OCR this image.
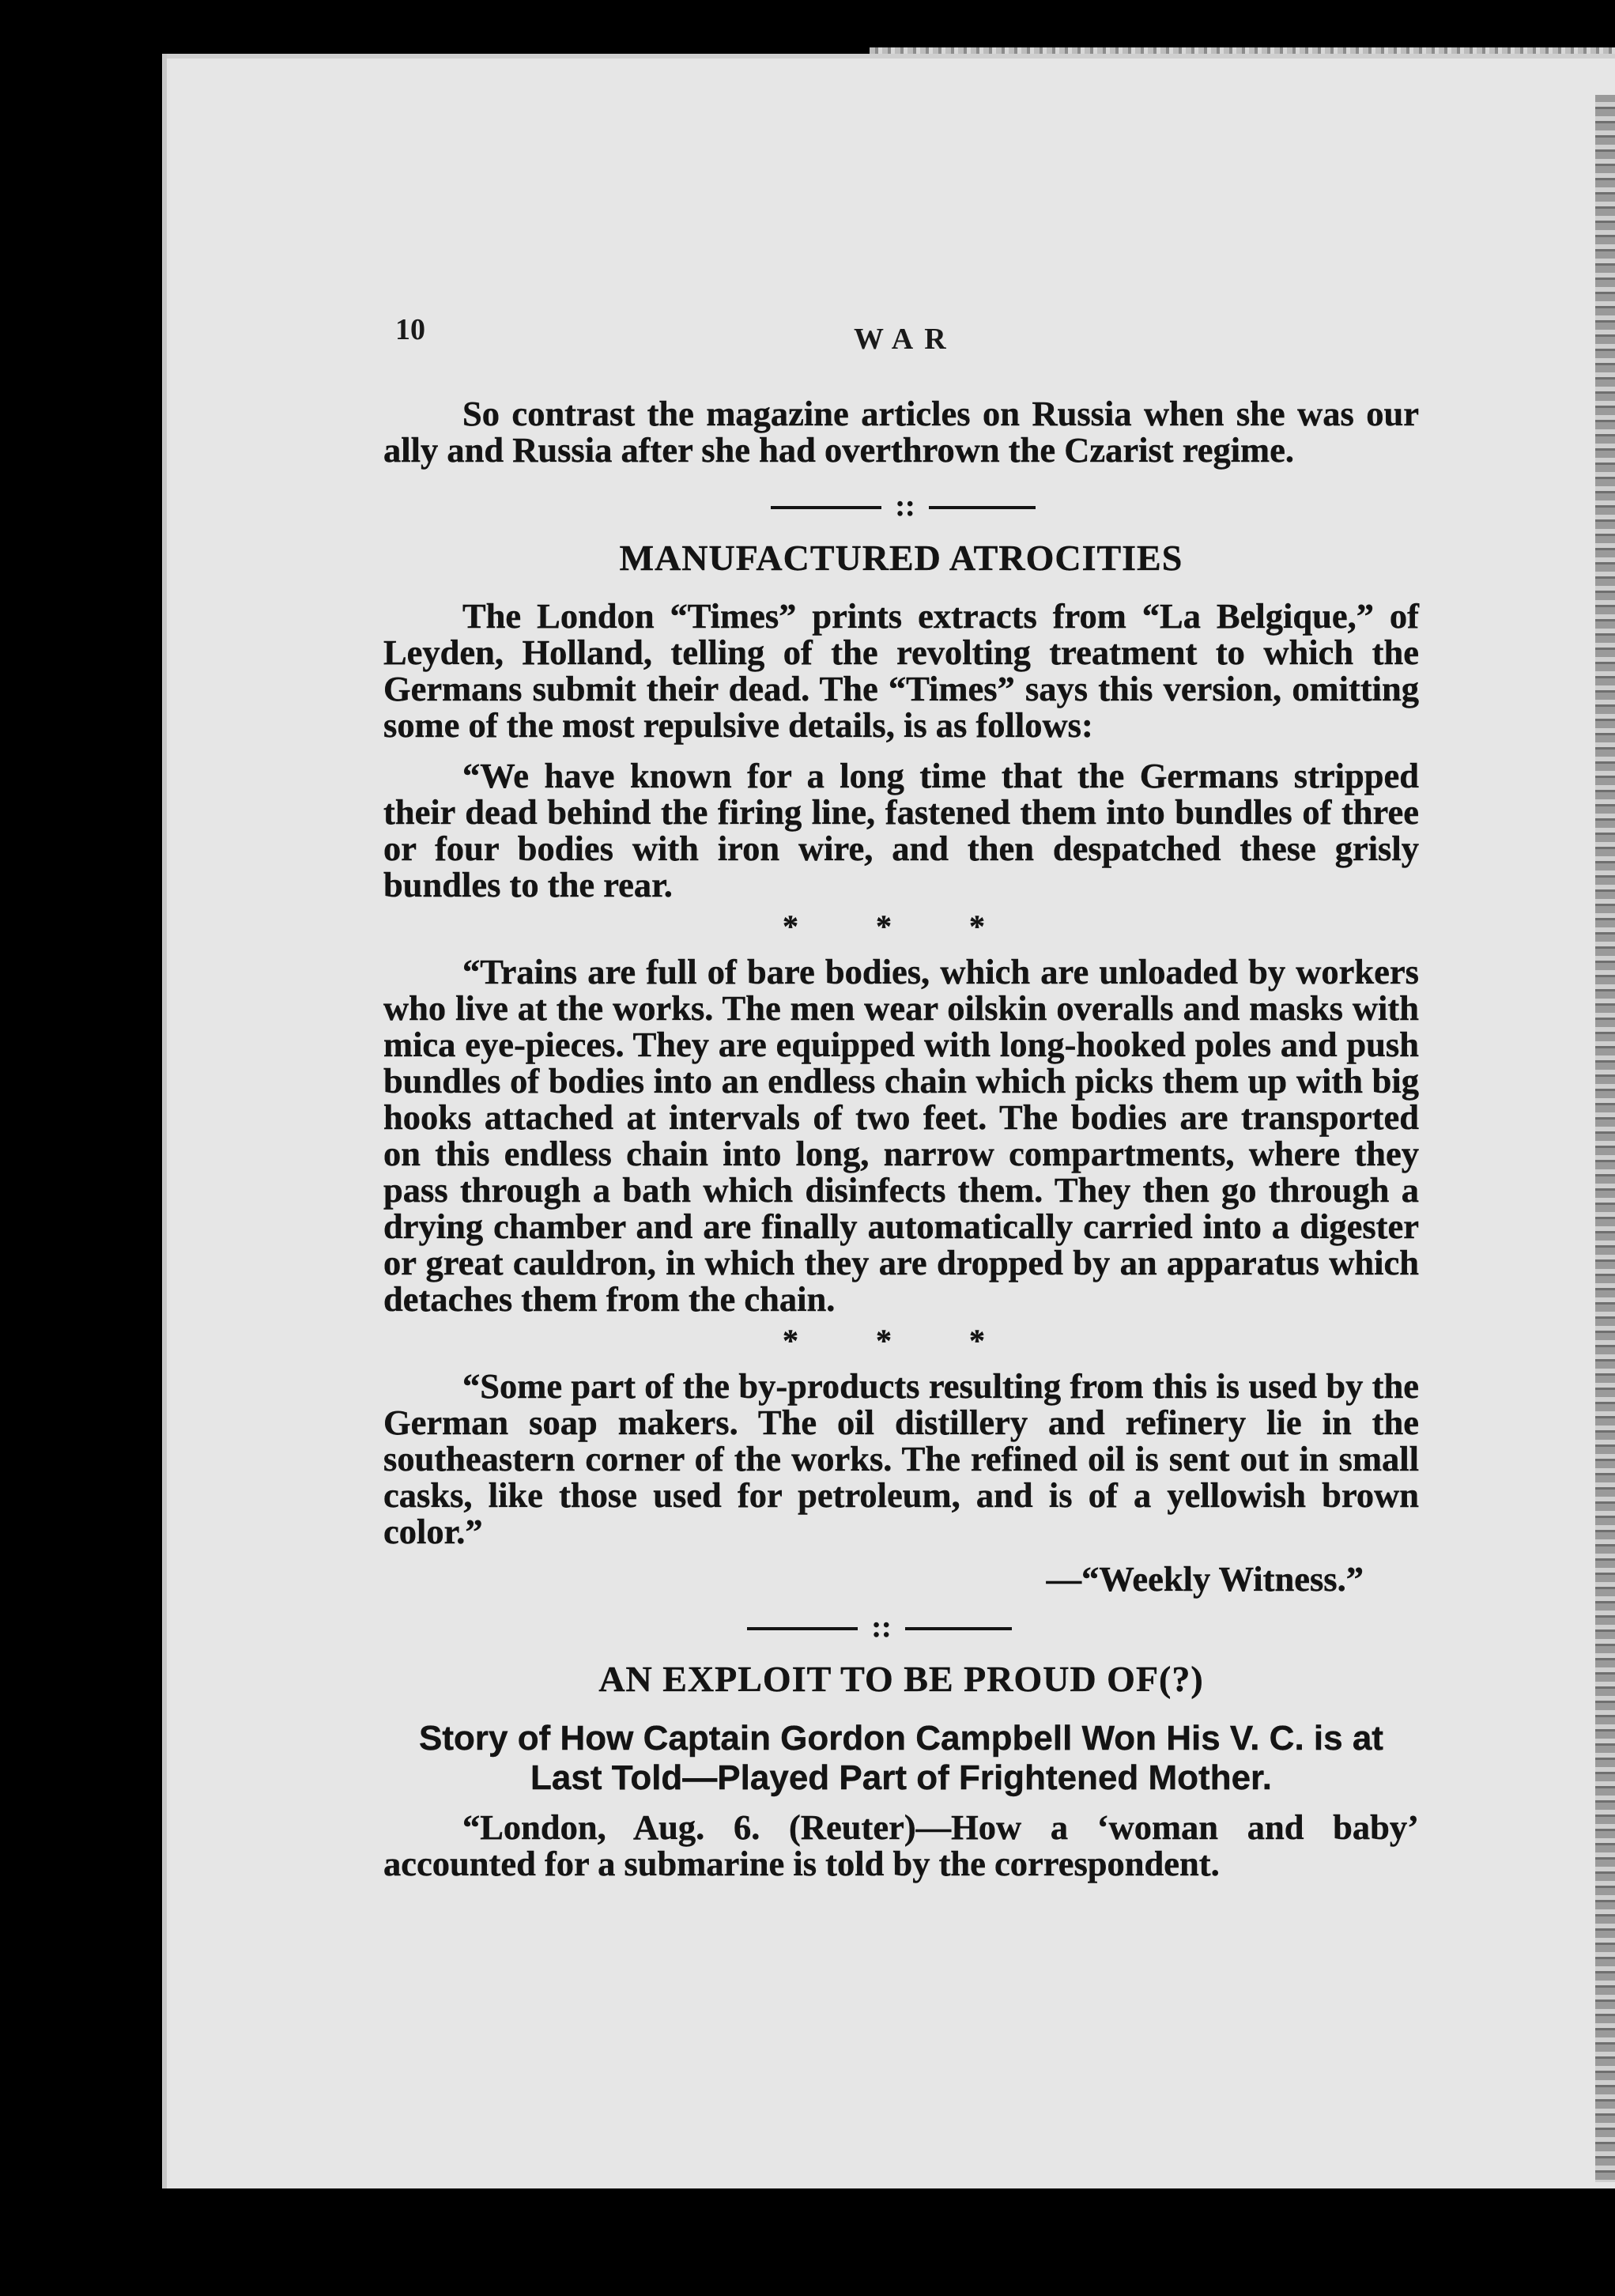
10	WAR

So contrast the magazine articles on Russia when she was our ally and Russia after she had overthrown the Czarist regime.

::
MANUFACTURED ATROCITIES

The London “Times” prints extracts from “La Belgique,” of Leyden, Holland, telling of the revolting treatment to which the Germans submit their dead. The “Times” says this version, omitting some of the most repulsive details, is as follows:

“We have known for a long time that the Germans stripped their dead behind the firing line, fastened them into bundles of three or four bodies with iron wire, and then despatched these grisly bundles to the rear.

* * *

“Trains are full of bare bodies, which are unloaded by workers who live at the works. The men wear oilskin overalls and masks with mica eye-pieces. They are equipped with long-hooked poles and push bundles of bodies into an endless chain which picks them up with big hooks attached at intervals of two feet. The bodies are transported on this endless chain into long, narrow compartments, where they pass through a bath which disinfects them. They then go through a drying chamber and are finally automatically carried into a digester or great cauldron, in which they are dropped by an apparatus which detaches them from the chain.

* * *

“Some part of the by-products resulting from this is used by the German soap makers. The oil distillery and refinery lie in the southeastern corner of the works. The refined oil is sent out in small casks, like those used for petroleum, and is of a yellowish brown color.”

—“Weekly Witness.”
::
AN EXPLOIT TO BE PROUD OF(?)
Story of How Captain Gordon Campbell Won His V. C. is at Last Told—Played Part of Frightened Mother.

“London, Aug. 6. (Reuter)—How a ‘woman and baby’ accounted for a submarine is told by the correspondent.
